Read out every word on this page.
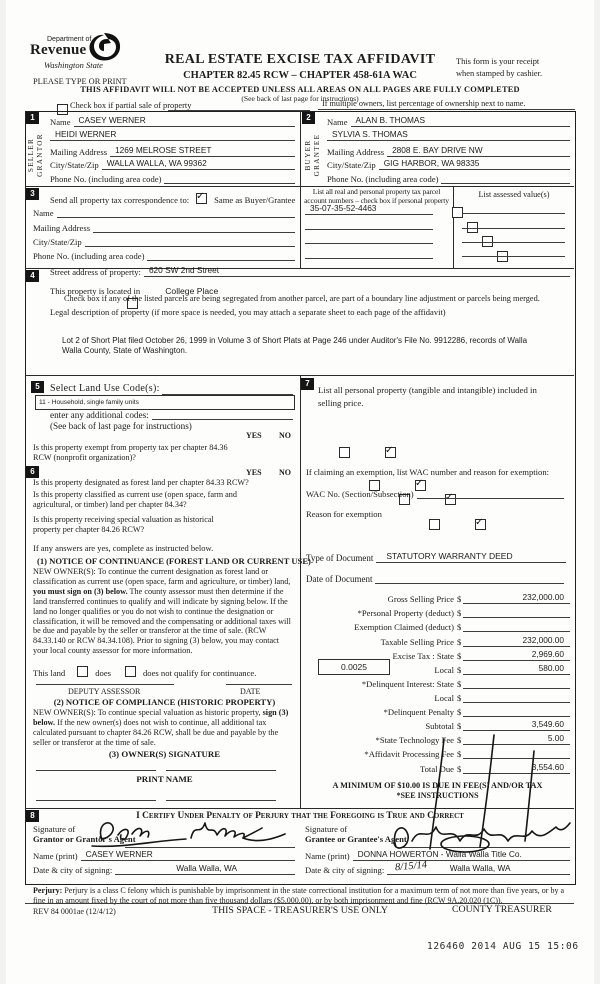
Department of
Revenue
Washington State	REAL ESTATE EXCISE TAX AFFIDAVIT
CHAPTER 82.45 RCW – CHAPTER 458-61A WAC
This form is your receipt
when stamped by cashier.
PLEASE TYPE OR PRINT
THIS AFFIDAVIT WILL NOT BE ACCEPTED UNLESS ALL AREAS ON ALL PAGES ARE FULLY COMPLETED
(See back of last page for instructions)

Check box if partial sale of property	If multiple owners, list percentage of ownership next to name.
1
SELLER GRANTOR
Name CASEY WERNER
HEIDI WERNER
Mailing Address 1269 MELROSE STREET
City/State/Zip WALLA WALLA, WA 99362
Phone No. (including area code)
2
BUYER GRANTEE
Name ALAN B. THOMAS
SYLVIA S. THOMAS
Mailing Address 2808 E. BAY DRIVE NW
City/State/Zip GIG HARBOR, WA 98335
Phone No. (including area code)
3
Send all property tax correspondence to: ✓	Same as Buyer/Grantee
Name
Mailing Address
City/State/Zip
Phone No. (including area code)
List all real and personal property tax parcel account numbers – check box if personal property
35-07-35-52-4463

List assessed value(s)
4	Street address of property: 620 SW 2nd Street
This property is located in	College Place

Check box if any of the listed parcels are being segregated from another parcel, are part of a boundary line adjustment or parcels being merged.
Legal description of property (if more space is needed, you may attach a separate sheet to each page of the affidavit)
Lot 2 of Short Plat filed October 26, 1999 in Volume 3 of Short Plats at Page 246 under Auditor's File No. 9912286, records of Walla Walla County, State of Washington.
5	Select Land Use Code(s):
11 - Household, single family units
enter any additional codes:
(See back of last page for instructions)
YES NO
Is this property exempt from property tax per chapter 84.36 RCW (nonprofit organization)?
✓
6	YES NO
Is this property designated as forest land per chapter 84.33 RCW?
✓
Is this property classified as current use (open space, farm and agricultural, or timber) land per chapter 84.34?
✓
Is this property receiving special valuation as historical property per chapter 84.26 RCW?
✓
If any answers are yes, complete as instructed below.
(1) NOTICE OF CONTINUANCE (FOREST LAND OR CURRENT USE)
NEW OWNER(S): To continue the current designation as forest land or classification as current use (open space, farm and agriculture, or timber) land, you must sign on (3) below. The county assessor must then determine if the land transferred continues to qualify and will indicate by signing below. If the land no longer qualifies or you do not wish to continue the designation or classification, it will be removed and the compensating or additional taxes will be due and payable by the seller or transferor at the time of sale. (RCW 84.33.140 or RCW 84.34.108). Prior to signing (3) below, you may contact your local county assessor for more information.
This land	does	does not qualify for continuance.
DEPUTY ASSESSOR	DATE
(2) NOTICE OF COMPLIANCE (HISTORIC PROPERTY)
NEW OWNER(S): To continue special valuation as historic property, sign (3) below. If the new owner(s) does not wish to continue, all additional tax calculated pursuant to chapter 84.26 RCW, shall be due and payable by the seller or transferor at the time of sale.
(3) OWNER(S) SIGNATURE
PRINT NAME
7
List all personal property (tangible and intangible) included in selling price.
If claiming an exemption, list WAC number and reason for exemption:
WAC No. (Section/Subsection)
Reason for exemption
Type of Document	STATUTORY WARRANTY DEED
Date of Document
Gross Selling Price $	232,000.00
*Personal Property (deduct) $
Exemption Claimed (deduct) $
Taxable Selling Price $	232,000.00
Excise Tax : State $	2,969.60
Local $	580.00
0.0025
*Delinquent Interest: State $
Local $
*Delinquent Penalty $
Subtotal $	3,549.60
*State Technology Fee $	5.00
*Affidavit Processing Fee $
Total Due $	3,554.60
A MINIMUM OF $10.00 IS DUE IN FEE(S) AND/OR TAX
*SEE INSTRUCTIONS
8	I Certify Under Penalty of Perjury that the Foregoing is True and Correct
Signature of
Grantor or Grantor's Agent
Name (print) CASEY WERNER
Date & city of signing:	Walla Walla, WA
Signature of
Grantee or Grantee's Agent
Name (print) DONNA HOWERTON - Walla Walla Title Co.
Date & city of signing:	Walla Walla, WA
8/15/14
Perjury: Perjury is a class C felony which is punishable by imprisonment in the state correctional institution for a maximum term of not more than five years, or by a fine in an amount fixed by the court of not more than five thousand dollars ($5,000.00), or by both imprisonment and fine (RCW 9A.20.020 (1C)).
REV 84 0001ae (12/4/12)	THIS SPACE - TREASURER'S USE ONLY	COUNTY TREASURER
126460 2014 AUG 15 15:06
